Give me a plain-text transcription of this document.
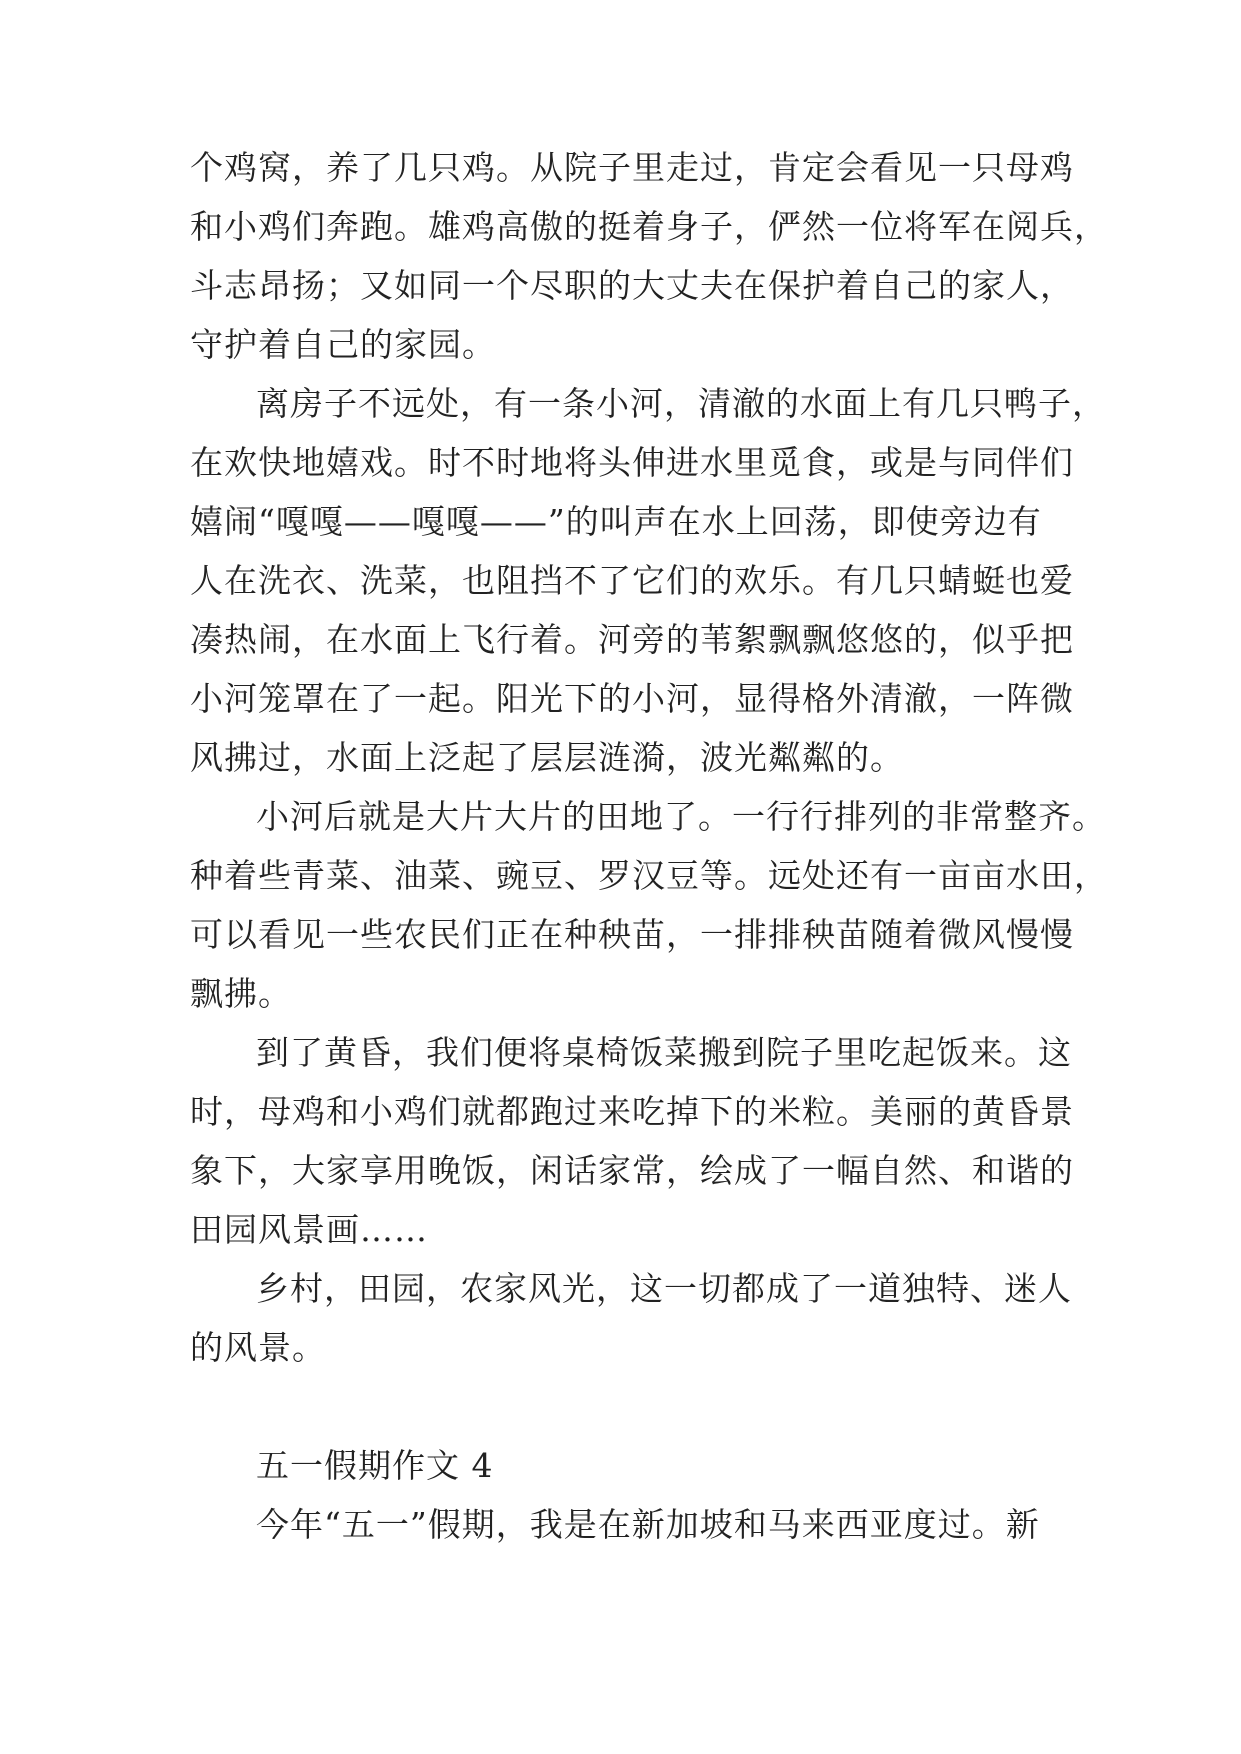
个鸡窝，养了几只鸡。从院子里走过，肯定会看见一只母鸡
和小鸡们奔跑。雄鸡高傲的挺着身子，俨然一位将军在阅兵，
斗志昂扬；又如同一个尽职的大丈夫在保护着自己的家人，
守护着自己的家园。
离房子不远处，有一条小河，清澈的水面上有几只鸭子，
在欢快地嬉戏。时不时地将头伸进水里觅食，或是与同伴们
嬉闹“嘎嘎——嘎嘎——”的叫声在水上回荡，即使旁边有
人在洗衣、洗菜，也阻挡不了它们的欢乐。有几只蜻蜓也爱
凑热闹，在水面上飞行着。河旁的苇絮飘飘悠悠的，似乎把
小河笼罩在了一起。阳光下的小河，显得格外清澈，一阵微
风拂过，水面上泛起了层层涟漪，波光粼粼的。
小河后就是大片大片的田地了。一行行排列的非常整齐。
种着些青菜、油菜、豌豆、罗汉豆等。远处还有一亩亩水田，
可以看见一些农民们正在种秧苗，一排排秧苗随着微风慢慢
飘拂。
到了黄昏，我们便将桌椅饭菜搬到院子里吃起饭来。这
时，母鸡和小鸡们就都跑过来吃掉下的米粒。美丽的黄昏景
象下，大家享用晚饭，闲话家常，绘成了一幅自然、和谐的
田园风景画……
乡村，田园，农家风光，这一切都成了一道独特、迷人
的风景。
五一假期作文 4
今年“五一”假期，我是在新加坡和马来西亚度过。新
